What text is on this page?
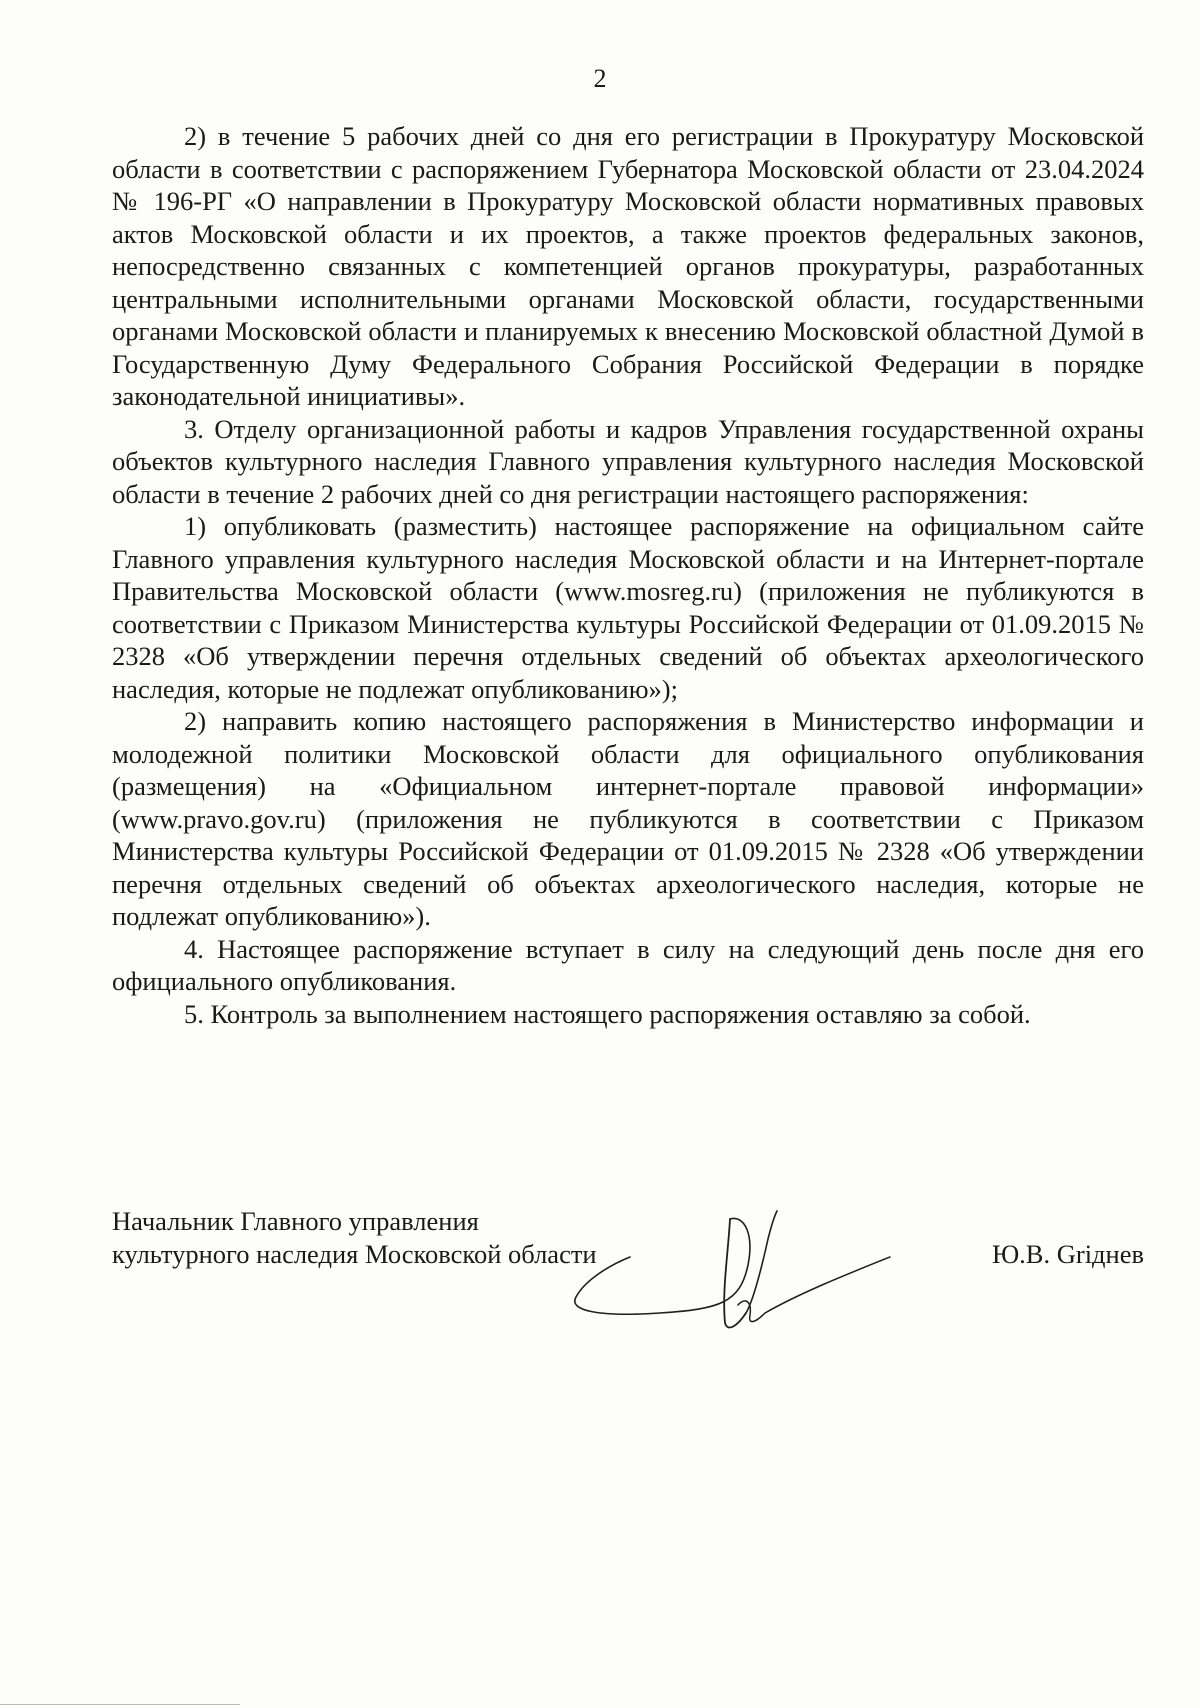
2

2) в течение 5 рабочих дней со дня его регистрации в Прокуратуру Московской области в соответствии с распоряжением Губернатора Московской области от 23.04.2024 № 196-РГ «О направлении в Прокуратуру Московской области нормативных правовых актов Московской области и их проектов, а также проектов федеральных законов, непосредственно связанных с компетенцией органов прокуратуры, разработанных центральными исполнительными органами Московской области, государственными органами Московской области и планируемых к внесению Московской областной Думой в Государственную Думу Федерального Собрания Российской Федерации в порядке законодательной инициативы».

3. Отделу организационной работы и кадров Управления государственной охраны объектов культурного наследия Главного управления культурного наследия Московской области в течение 2 рабочих дней со дня регистрации настоящего распоряжения:

1) опубликовать (разместить) настоящее распоряжение на официальном сайте Главного управления культурного наследия Московской области и на Интернет-портале Правительства Московской области (www.mosreg.ru) (приложения не публикуются в соответствии с Приказом Министерства культуры Российской Федерации от 01.09.2015 № 2328 «Об утверждении перечня отдельных сведений об объектах археологического наследия, которые не подлежат опубликованию»);

2) направить копию настоящего распоряжения в Министерство информации и молодежной политики Московской области для официального опубликования (размещения) на «Официальном интернет-портале правовой информации» (www.pravo.gov.ru) (приложения не публикуются в соответствии с Приказом Министерства культуры Российской Федерации от 01.09.2015 № 2328 «Об утверждении перечня отдельных сведений об объектах археологического наследия, которые не подлежат опубликованию»).

4. Настоящее распоряжение вступает в силу на следующий день после дня его официального опубликования.

5. Контроль за выполнением настоящего распоряжения оставляю за собой.

Начальник Главного управления
культурного наследия Московской области	Ю.В. Griднев
